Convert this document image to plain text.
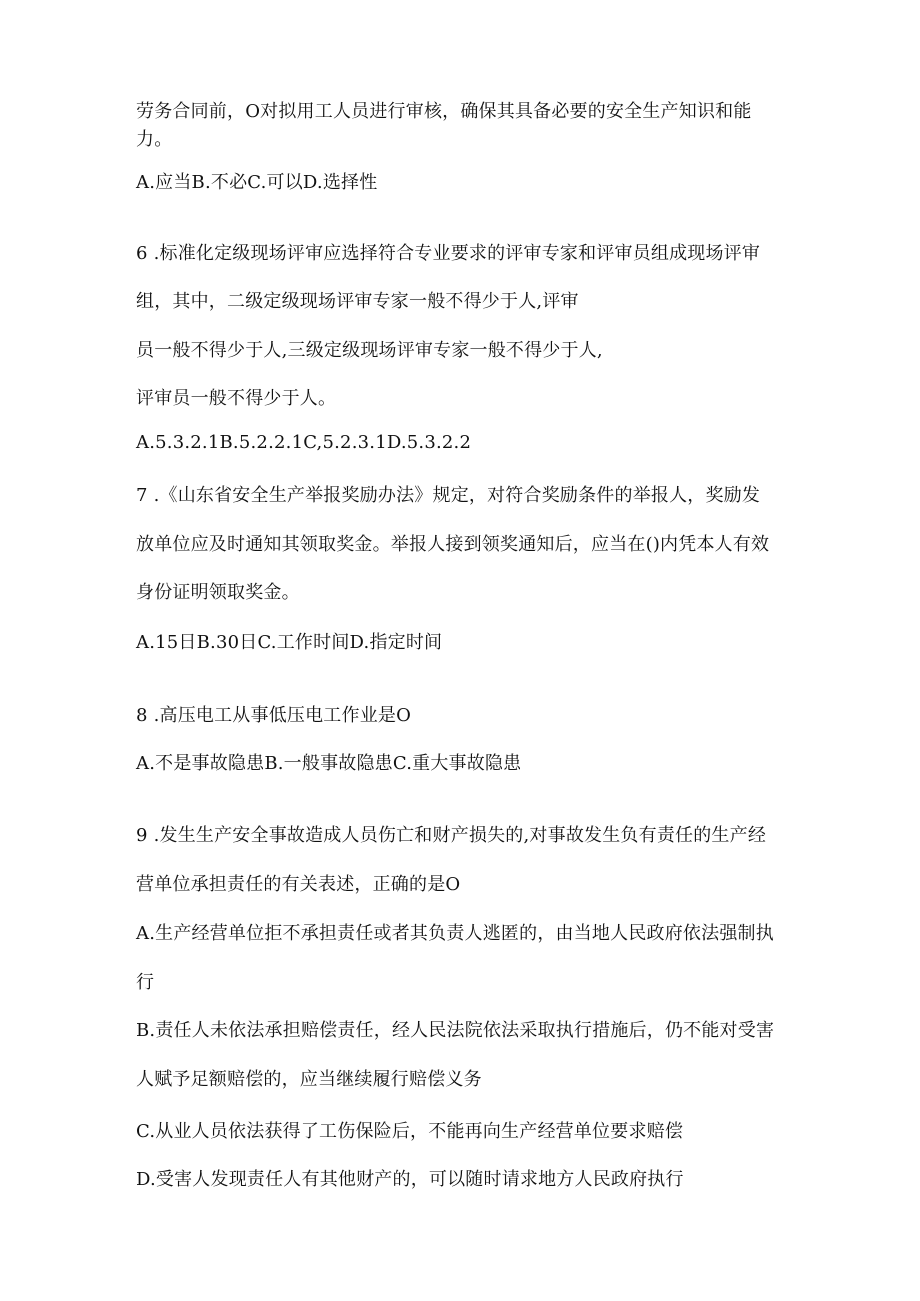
劳务合同前，O对拟用工人员进行审核，确保其具备必要的安全生产知识和能
力。
A.应当B.不必C.可以D.选择性
6 .标准化定级现场评审应选择符合专业要求的评审专家和评审员组成现场评审
组，其中，二级定级现场评审专家一般不得少于人,评审
员一般不得少于人,三级定级现场评审专家一般不得少于人,
评审员一般不得少于人。
A.5.3.2.1B.5.2.2.1C,5.2.3.1D.5.3.2.2
7 .《山东省安全生产举报奖励办法》规定，对符合奖励条件的举报人，奖励发
放单位应及时通知其领取奖金。举报人接到领奖通知后，应当在()内凭本人有效
身份证明领取奖金。
A.15日B.30日C.工作时间D.指定时间
8 .高压电工从事低压电工作业是O
A.不是事故隐患B.一般事故隐患C.重大事故隐患
9 .发生生产安全事故造成人员伤亡和财产损失的,对事故发生负有责任的生产经
营单位承担责任的有关表述，正确的是O
A.生产经营单位拒不承担责任或者其负责人逃匿的，由当地人民政府依法强制执
行
B.责任人未依法承担赔偿责任，经人民法院依法采取执行措施后，仍不能对受害
人赋予足额赔偿的，应当继续履行赔偿义务
C.从业人员依法获得了工伤保险后，不能再向生产经营单位要求赔偿
D.受害人发现责任人有其他财产的，可以随时请求地方人民政府执行
